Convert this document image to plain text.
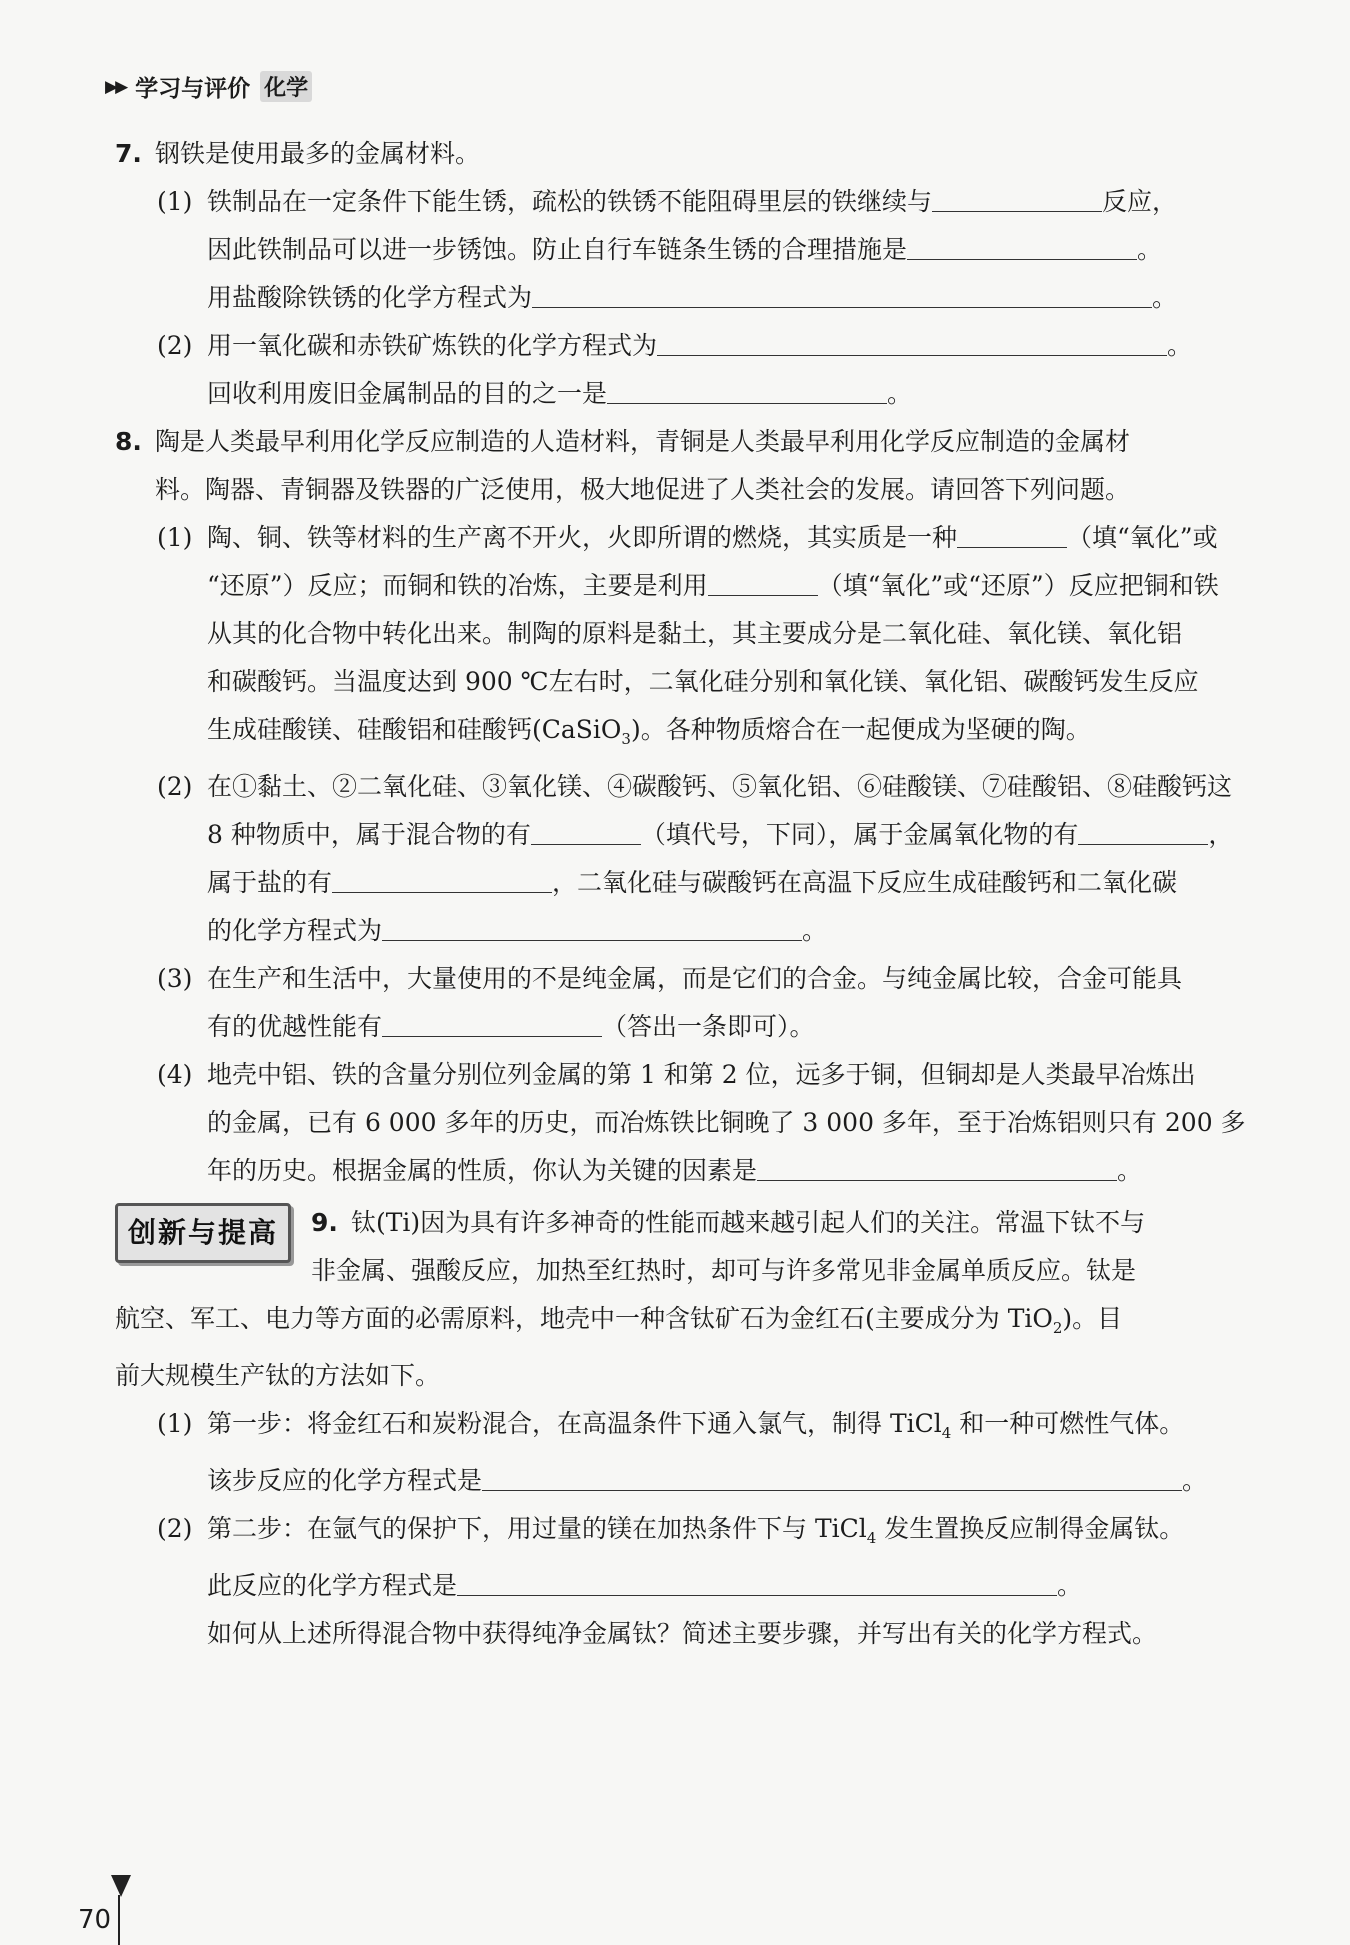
▶▶ 学习与评价 化学
7. 钢铁是使用最多的金属材料。
(1) 铁制品在一定条件下能生锈，疏松的铁锈不能阻碍里层的铁继续与	反应，
因此铁制品可以进一步锈蚀。防止自行车链条生锈的合理措施是	。
用盐酸除铁锈的化学方程式为	。
(2) 用一氧化碳和赤铁矿炼铁的化学方程式为	。
回收利用废旧金属制品的目的之一是	。
8. 陶是人类最早利用化学反应制造的人造材料，青铜是人类最早利用化学反应制造的金属材
料。陶器、青铜器及铁器的广泛使用，极大地促进了人类社会的发展。请回答下列问题。
(1) 陶、铜、铁等材料的生产离不开火，火即所谓的燃烧，其实质是一种	（填“氧化”或
“还原”）反应；而铜和铁的冶炼，主要是利用	（填“氧化”或“还原”）反应把铜和铁
从其的化合物中转化出来。制陶的原料是黏土，其主要成分是二氧化硅、氧化镁、氧化铝
和碳酸钙。当温度达到 900 ℃左右时，二氧化硅分别和氧化镁、氧化铝、碳酸钙发生反应
生成硅酸镁、硅酸铝和硅酸钙(CaSiO$_3$)。各种物质熔合在一起便成为坚硬的陶。
(2) 在①黏土、②二氧化硅、③氧化镁、④碳酸钙、⑤氧化铝、⑥硅酸镁、⑦硅酸铝、⑧硅酸钙这
8 种物质中，属于混合物的有	（填代号，下同），属于金属氧化物的有	，
属于盐的有	，二氧化硅与碳酸钙在高温下反应生成硅酸钙和二氧化碳
的化学方程式为	。
(3) 在生产和生活中，大量使用的不是纯金属，而是它们的合金。与纯金属比较，合金可能具
有的优越性能有	（答出一条即可）。
(4) 地壳中铝、铁的含量分别位列金属的第 1 和第 2 位，远多于铜，但铜却是人类最早冶炼出
的金属，已有 6 000 多年的历史，而冶炼铁比铜晚了 3 000 多年，至于冶炼铝则只有 200 多
年的历史。根据金属的性质，你认为关键的因素是	。
创新与提高	9. 钛(Ti)因为具有许多神奇的性能而越来越引起人们的关注。常温下钛不与
非金属、强酸反应，加热至红热时，却可与许多常见非金属单质反应。钛是
航空、军工、电力等方面的必需原料，地壳中一种含钛矿石为金红石(主要成分为 TiO$_2$)。目
前大规模生产钛的方法如下。
(1) 第一步：将金红石和炭粉混合，在高温条件下通入氯气，制得 TiCl$_4$ 和一种可燃性气体。
该步反应的化学方程式是	。
(2) 第二步：在氩气的保护下，用过量的镁在加热条件下与 TiCl$_4$ 发生置换反应制得金属钛。
此反应的化学方程式是	。
如何从上述所得混合物中获得纯净金属钛？简述主要步骤，并写出有关的化学方程式。
70
